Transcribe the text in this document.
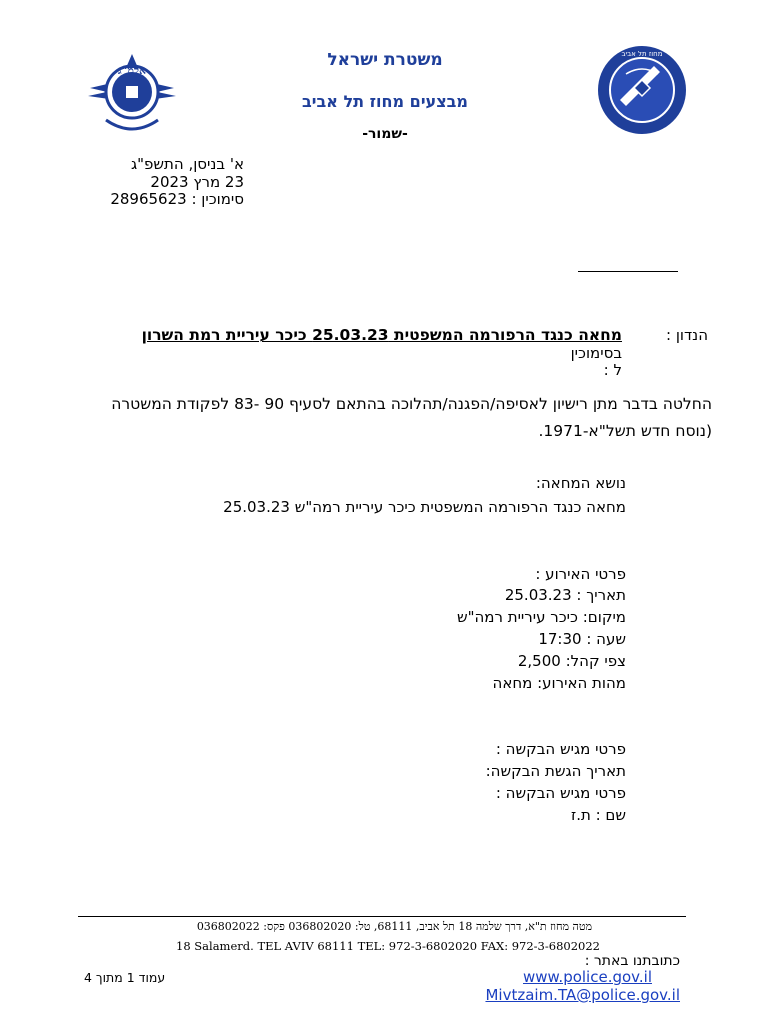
אלמ"ג
מחוז תל אביב
משטרת ישראל
מבצעים מחוז תל אביב
-שמור-
א' בניסן, התשפ"ג
23 מרץ 2023
סימוכין : 28965623
הנדון :
מחאה כנגד הרפורמה המשפטית 25.03.23 כיכר עיריית רמת השרון
בסימוכין
ל :
החלטה בדבר מתן רישיון לאסיפה/הפגנה/תהלוכה בהתאם לסעיף 90 -83 לפקודת המשטרה
(נוסח חדש תשל"א-1971.
נושא המחאה:
מחאה כנגד הרפורמה המשפטית כיכר עיריית רמה"ש 25.03.23
פרטי האירוע :
תאריך : 25.03.23
מיקום: כיכר עיריית רמה"ש
שעה : 17:30
צפי קהל: 2,500
מהות האירוע: מחאה
פרטי מגיש הבקשה :
תאריך הגשת הבקשה:
פרטי מגיש הבקשה :
שם : ת.ז
מטה מחוז ת"א, דרך שלמה 18 תל אביב, 68111, טל: 036802020 פקס: 036802022
18 Salamerd. TEL AVIV 68111 TEL: 972-3-6802020 FAX: 972-3-6802022
כתובתנו באתר :
www.police.gov.il
Mivtzaim.TA@police.gov.il
עמוד 1 מתוך 4
